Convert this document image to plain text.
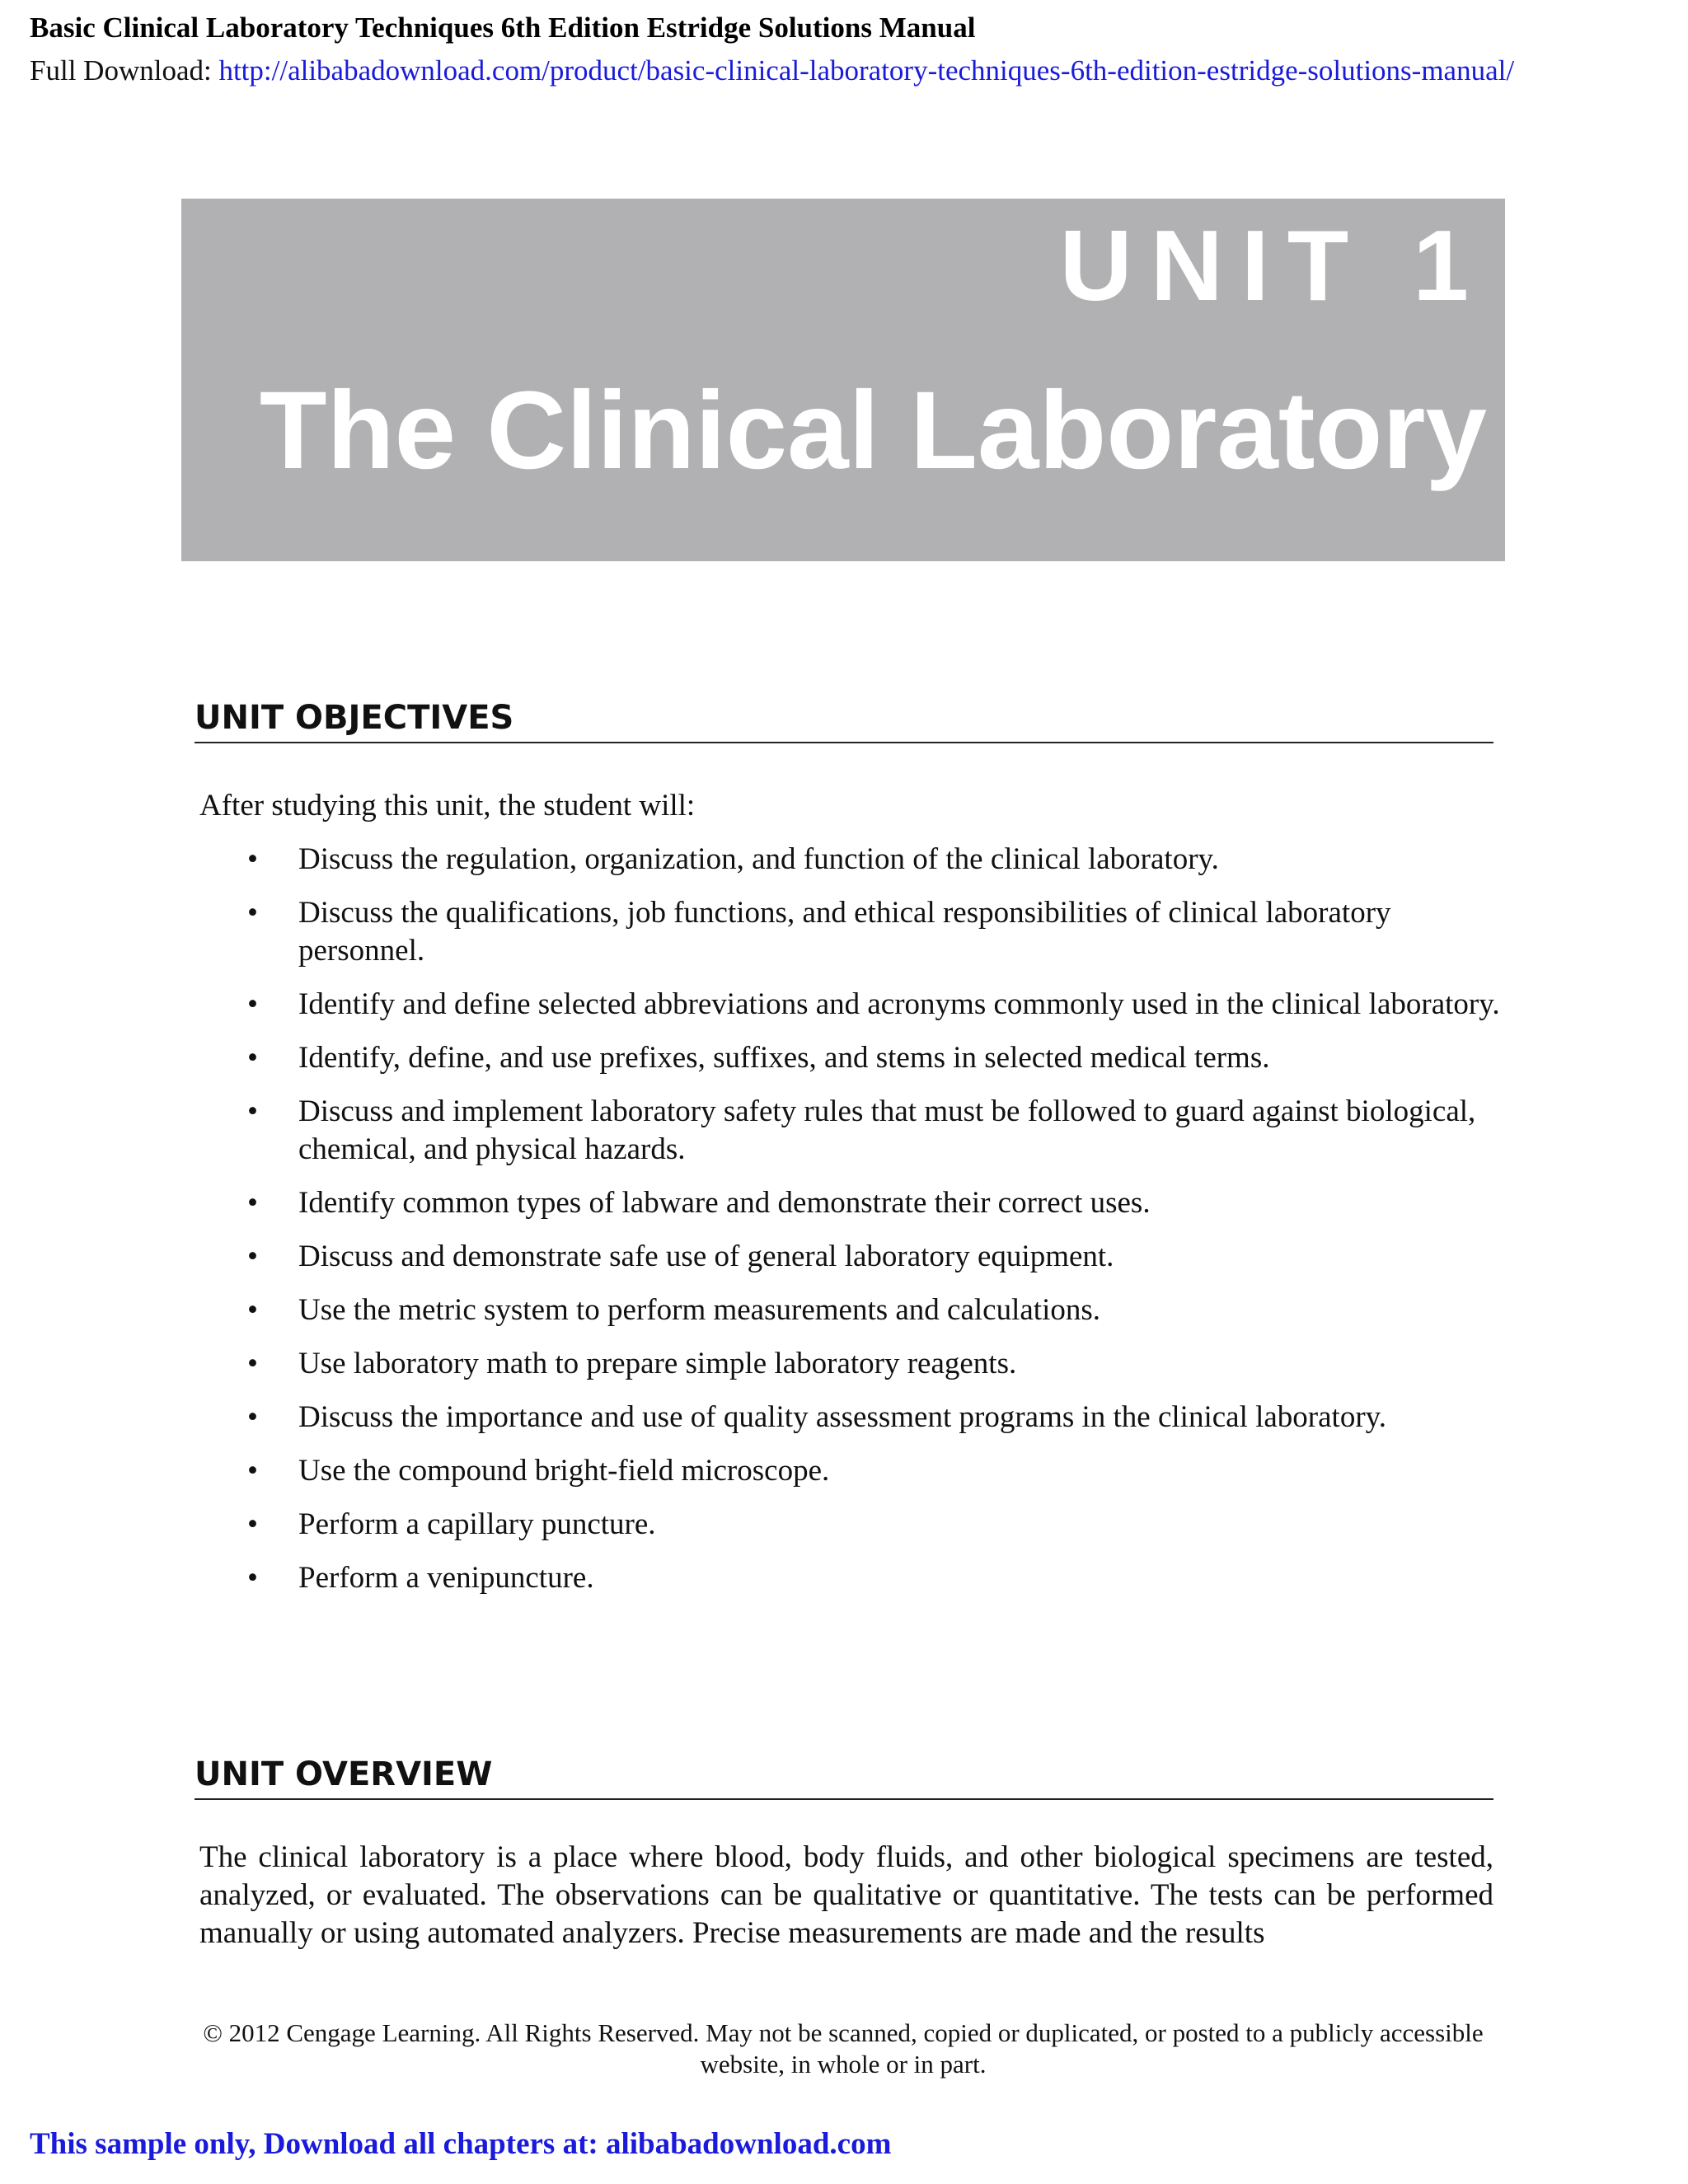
Basic Clinical Laboratory Techniques 6th Edition Estridge Solutions Manual
Full Download: http://alibabadownload.com/product/basic-clinical-laboratory-techniques-6th-edition-estridge-solutions-manual/
UNIT 1
The Clinical Laboratory
UNIT OBJECTIVES
After studying this unit, the student will:
• Discuss the regulation, organization, and function of the clinical laboratory.
• Discuss the qualifications, job functions, and ethical responsibilities of clinical laboratory personnel.
• Identify and define selected abbreviations and acronyms commonly used in the clinical laboratory.
• Identify, define, and use prefixes, suffixes, and stems in selected medical terms.
• Discuss and implement laboratory safety rules that must be followed to guard against biological, chemical, and physical hazards.
• Identify common types of labware and demonstrate their correct uses.
• Discuss and demonstrate safe use of general laboratory equipment.
• Use the metric system to perform measurements and calculations.
• Use laboratory math to prepare simple laboratory reagents.
• Discuss the importance and use of quality assessment programs in the clinical laboratory.
• Use the compound bright-field microscope.
• Perform a capillary puncture.
• Perform a venipuncture.
UNIT OVERVIEW

The clinical laboratory is a place where blood, body fluids, and other biological specimens are tested, analyzed, or evaluated. The observations can be qualitative or quantitative. The tests can be performed manually or using automated analyzers. Precise measurements are made and the results

© 2012 Cengage Learning. All Rights Reserved. May not be scanned, copied or duplicated, or posted to a publicly accessible website, in whole or in part.
This sample only, Download all chapters at: alibabadownload.com
